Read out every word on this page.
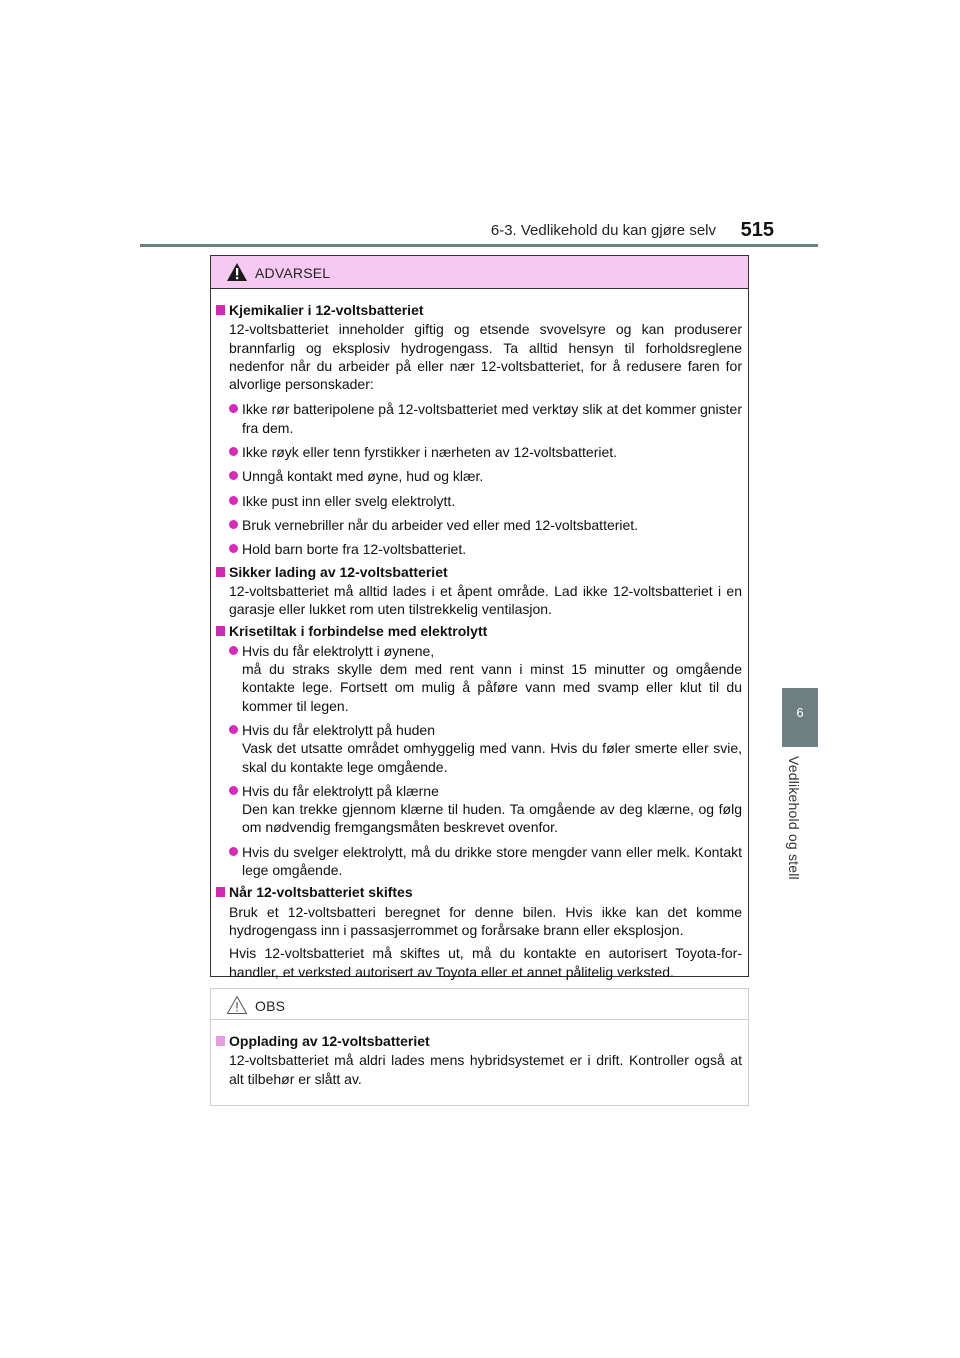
6-3. Vedlikehold du kan gjøre selv 515
6
Vedlikehold og stell
ADVARSEL
Kjemikalier i 12-voltsbatteriet

12-voltsbatteriet inneholder giftig og etsende svovelsyre og kan produserer brannfarlig og eksplosiv hydrogengass. Ta alltid hensyn til forholdsreglene nedenfor når du arbeider på eller nær 12-voltsbatteriet, for å redusere faren for alvorlige personskader:

Ikke rør batteripolene på 12-voltsbatteriet med verktøy slik at det kommer gnister fra dem.
Ikke røyk eller tenn fyrstikker i nærheten av 12-voltsbatteriet.
Unngå kontakt med øyne, hud og klær.
Ikke pust inn eller svelg elektrolytt.
Bruk vernebriller når du arbeider ved eller med 12-voltsbatteriet.
Hold barn borte fra 12-voltsbatteriet.
Sikker lading av 12-voltsbatteriet

12-voltsbatteriet må alltid lades i et åpent område. Lad ikke 12-voltsbatteriet i en garasje eller lukket rom uten tilstrekkelig ventilasjon.

Krisetiltak i forbindelse med elektrolytt
Hvis du får elektrolytt i øynene,
må du straks skylle dem med rent vann i minst 15 minutter og omgående kontakte lege. Fortsett om mulig å påføre vann med svamp eller klut til du kommer til legen.
Hvis du får elektrolytt på huden
Vask det utsatte området omhyggelig med vann. Hvis du føler smerte eller svie, skal du kontakte lege omgående.
Hvis du får elektrolytt på klærne
Den kan trekke gjennom klærne til huden. Ta omgående av deg klærne, og følg om nødvendig fremgangsmåten beskrevet ovenfor.
Hvis du svelger elektrolytt, må du drikke store mengder vann eller melk. Kontakt lege omgående.
Når 12-voltsbatteriet skiftes

Bruk et 12-voltsbatteri beregnet for denne bilen. Hvis ikke kan det komme hydrogengass inn i passasjerrommet og forårsake brann eller eksplosjon.

Hvis 12-voltsbatteriet må skiftes ut, må du kontakte en autorisert Toyota-for-handler, et verksted autorisert av Toyota eller et annet pålitelig verksted.

OBS
Opplading av 12-voltsbatteriet

12-voltsbatteriet må aldri lades mens hybridsystemet er i drift. Kontroller også at alt tilbehør er slått av.
